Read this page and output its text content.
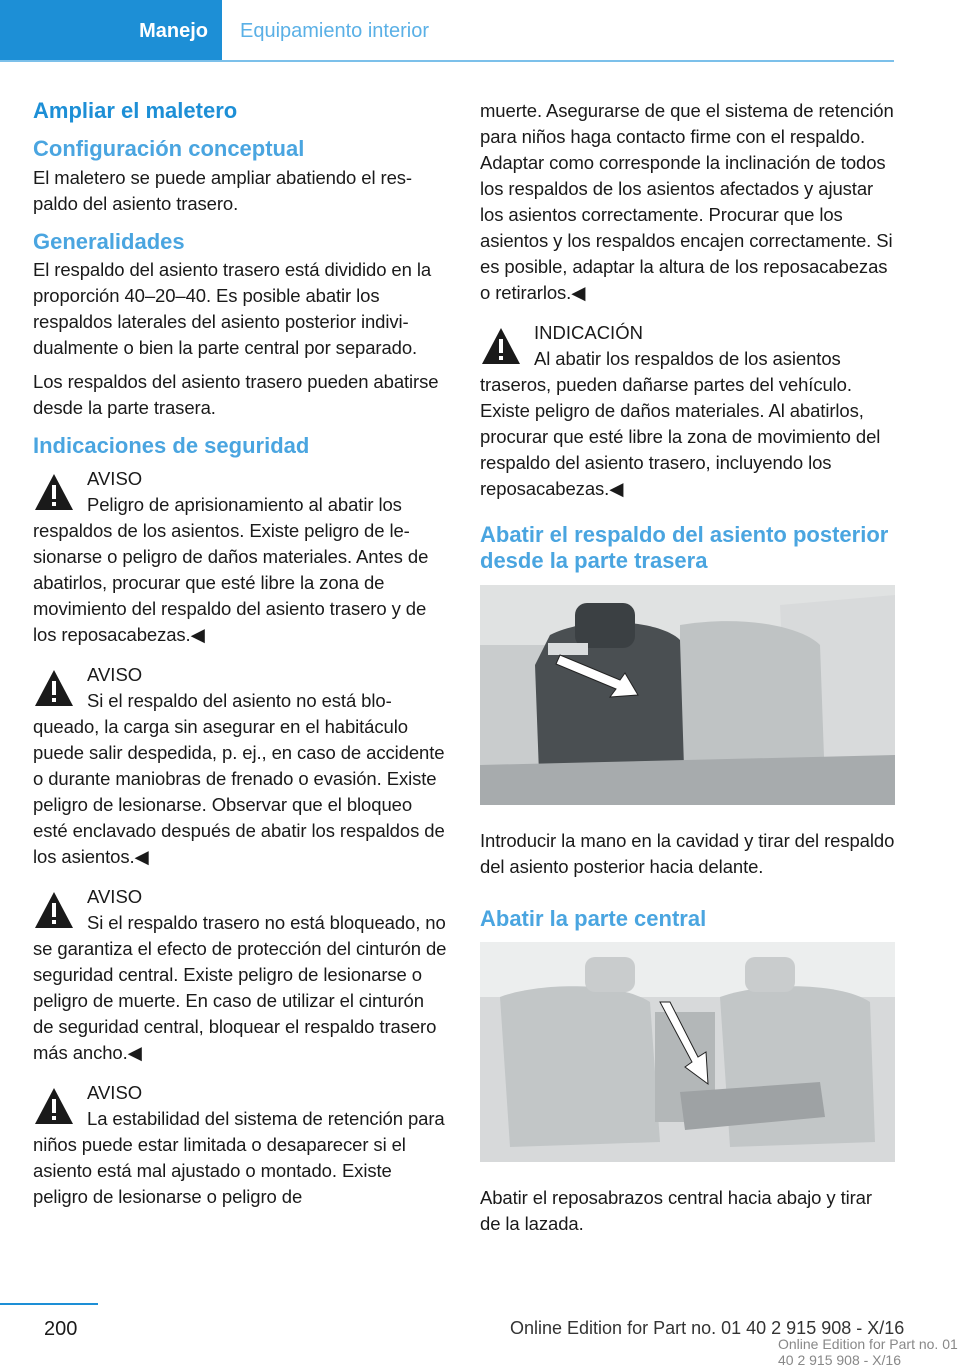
Manejo	Equipamiento interior
Ampliar el maletero
Configuración conceptual

El maletero se puede ampliar abatiendo el respaldo del asiento trasero.

Generalidades

El respaldo del asiento trasero está dividido en la proporción 40–20–40. Es posible abatir los respaldos laterales del asiento posterior individualmente o bien la parte central por separado.

Los respaldos del asiento trasero pueden abatirse desde la parte trasera.

Indicaciones de seguridad
AVISO

Peligro de aprisionamiento al abatir los respaldos de los asientos. Existe peligro de lesionarse o peligro de daños materiales. Antes de abatirlos, procurar que esté libre la zona de movimiento del respaldo del asiento trasero y de los reposacabezas.◀

AVISO

Si el respaldo del asiento no está bloqueado, la carga sin asegurar en el habitáculo puede salir despedida, p. ej., en caso de accidente o durante maniobras de frenado o evasión. Existe peligro de lesionarse. Observar que el bloqueo esté enclavado después de abatir los respaldos de los asientos.◀

AVISO

Si el respaldo trasero no está bloqueado, no se garantiza el efecto de protección del cinturón de seguridad central. Existe peligro de lesionarse o peligro de muerte. En caso de utilizar el cinturón de seguridad central, bloquear el respaldo trasero más ancho.◀

AVISO

La estabilidad del sistema de retención para niños puede estar limitada o desaparecer si el asiento está mal ajustado o montado. Existe peligro de lesionarse o peligro de

muerte. Asegurarse de que el sistema de retención para niños haga contacto firme con el respaldo. Adaptar como corresponde la inclinación de todos los respaldos de los asientos afectados y ajustar los asientos correctamente. Procurar que los asientos y los respaldos encajen correctamente. Si es posible, adaptar la altura de los reposacabezas o retirarlos.◀

INDICACIÓN

Al abatir los respaldos de los asientos traseros, pueden dañarse partes del vehículo. Existe peligro de daños materiales. Al abatirlos, procurar que esté libre la zona de movimiento del respaldo del asiento trasero, incluyendo los reposacabezas.◀

Abatir el respaldo del asiento posterior desde la parte trasera

Introducir la mano en la cavidad y tirar del respaldo del asiento posterior hacia delante.

Abatir la parte central

Abatir el reposabrazos central hacia abajo y tirar de la lazada.

200	Online Edition for Part no. 01 40 2 915 908 - X/16
Online Edition for Part no. 01 40 2 915 908 - X/16
